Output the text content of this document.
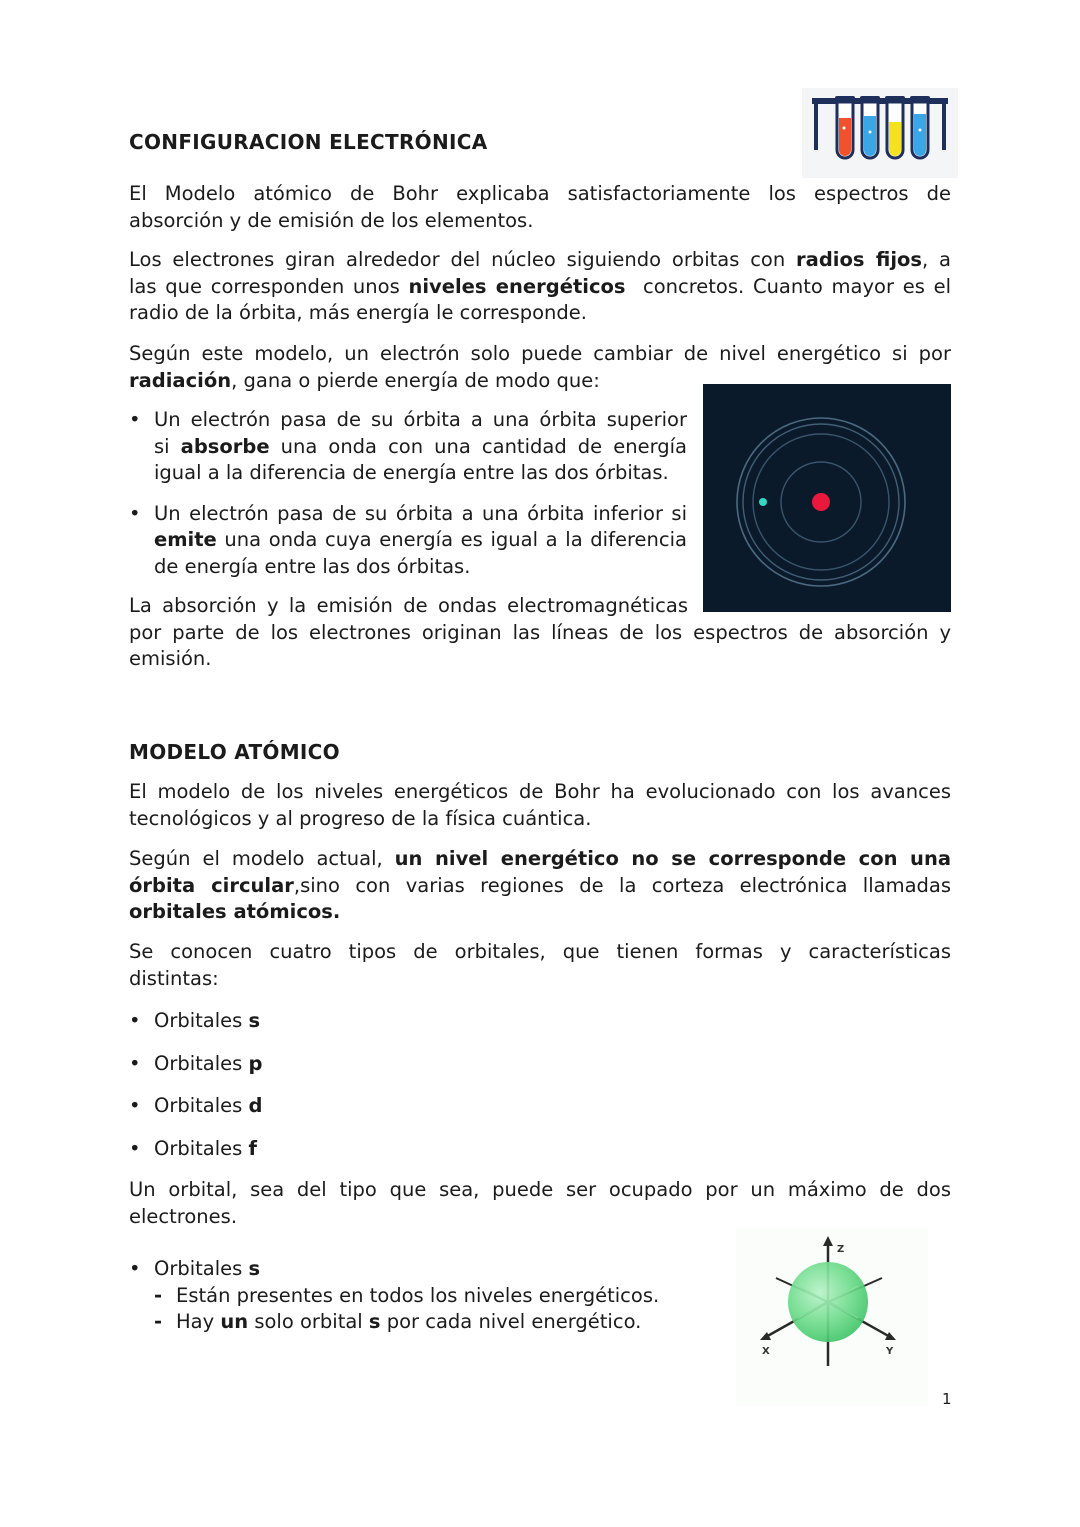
CONFIGURACION ELECTRÓNICA
El Modelo atómico de Bohr explicaba satisfactoriamente los espectros de
absorción y de emisión de los elementos.
Los electrones giran alrededor del núcleo siguiendo orbitas con radios fijos, a
las que corresponden unos niveles energéticos  concretos. Cuanto mayor es el
radio de la órbita, más energía le corresponde.
Según este modelo, un electrón solo puede cambiar de nivel energético si por
radiación, gana o pierde energía de modo que:
• Un electrón pasa de su órbita a una órbita superior
si absorbe una onda con una cantidad de energía
igual a la diferencia de energía entre las dos órbitas.
• Un electrón pasa de su órbita a una órbita inferior si
emite una onda cuya energía es igual a la diferencia
de energía entre las dos órbitas.
La absorción y la emisión de ondas electromagnéticas
por parte de los electrones originan las líneas de los espectros de absorción y
emisión.
MODELO ATÓMICO
El modelo de los niveles energéticos de Bohr ha evolucionado con los avances
tecnológicos y al progreso de la física cuántica.
Según el modelo actual, un nivel energético no se corresponde con una
órbita circular,sino con varias regiones de la corteza electrónica llamadas
orbitales atómicos.
Se conocen cuatro tipos de orbitales, que tienen formas y características
distintas:
• Orbitales s
• Orbitales p
• Orbitales d
• Orbitales f
Un orbital, sea del tipo que sea, puede ser ocupado por un máximo de dos
electrones.
• Orbitales s
- Están presentes en todos los niveles energéticos.
- Hay un solo orbital s por cada nivel energético.
Z
X	Y
1
